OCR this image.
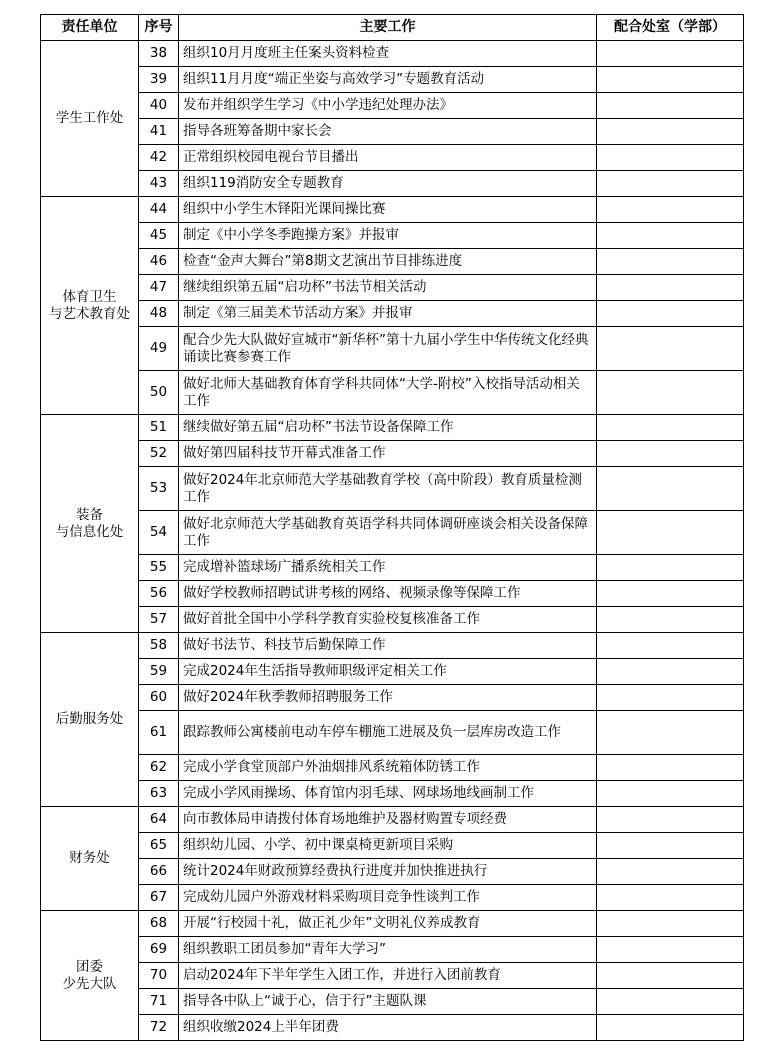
责任单位	序号	主要工作	配合处室（学部）

学生工作处	38	组织10月月度班主任案头资料检查	
	39	组织11月月度“端正坐姿与高效学习”专题教育活动	
	40	发布并组织学生学习《中小学违纪处理办法》	
	41	指导各班筹备期中家长会	
	42	正常组织校园电视台节目播出	
	43	组织119消防安全专题教育	

体育卫生
与艺术教育处	44	组织中小学生木铎阳光课间操比赛	
	45	制定《中小学冬季跑操方案》并报审	
	46	检查“金声大舞台”第8期文艺演出节目排练进度	
	47	继续组织第五届“启功杯”书法节相关活动	
	48	制定《第三届美术节活动方案》并报审	
	49	配合少先大队做好宣城市“新华杯”第十九届小学生中华传统文化经典诵读比赛参赛工作	
	50	做好北师大基础教育体育学科共同体“大学-附校”入校指导活动相关工作	

装备
与信息化处	51	继续做好第五届“启功杯”书法节设备保障工作	
	52	做好第四届科技节开幕式准备工作	
	53	做好2024年北京师范大学基础教育学校（高中阶段）教育质量检测工作	
	54	做好北京师范大学基础教育英语学科共同体调研座谈会相关设备保障工作	
	55	完成增补篮球场广播系统相关工作	
	56	做好学校教师招聘试讲考核的网络、视频录像等保障工作	
	57	做好首批全国中小学科学教育实验校复核准备工作	

后勤服务处	58	做好书法节、科技节后勤保障工作	
	59	完成2024年生活指导教师职级评定相关工作	
	60	做好2024年秋季教师招聘服务工作	
	61	跟踪教师公寓楼前电动车停车棚施工进展及负一层库房改造工作	
	62	完成小学食堂顶部户外油烟排风系统箱体防锈工作	
	63	完成小学风雨操场、体育馆内羽毛球、网球场地线画制工作	

财务处	64	向市教体局申请拨付体育场地维护及器材购置专项经费	
	65	组织幼儿园、小学、初中课桌椅更新项目采购	
	66	统计2024年财政预算经费执行进度并加快推进执行	
	67	完成幼儿园户外游戏材料采购项目竞争性谈判工作	

团委
少先大队	68	开展“行校园十礼，做正礼少年”文明礼仪养成教育	
	69	组织教职工团员参加“青年大学习”	
	70	启动2024年下半年学生入团工作，并进行入团前教育	
	71	指导各中队上“诚于心，信于行”主题队课	
	72	组织收缴2024上半年团费	
